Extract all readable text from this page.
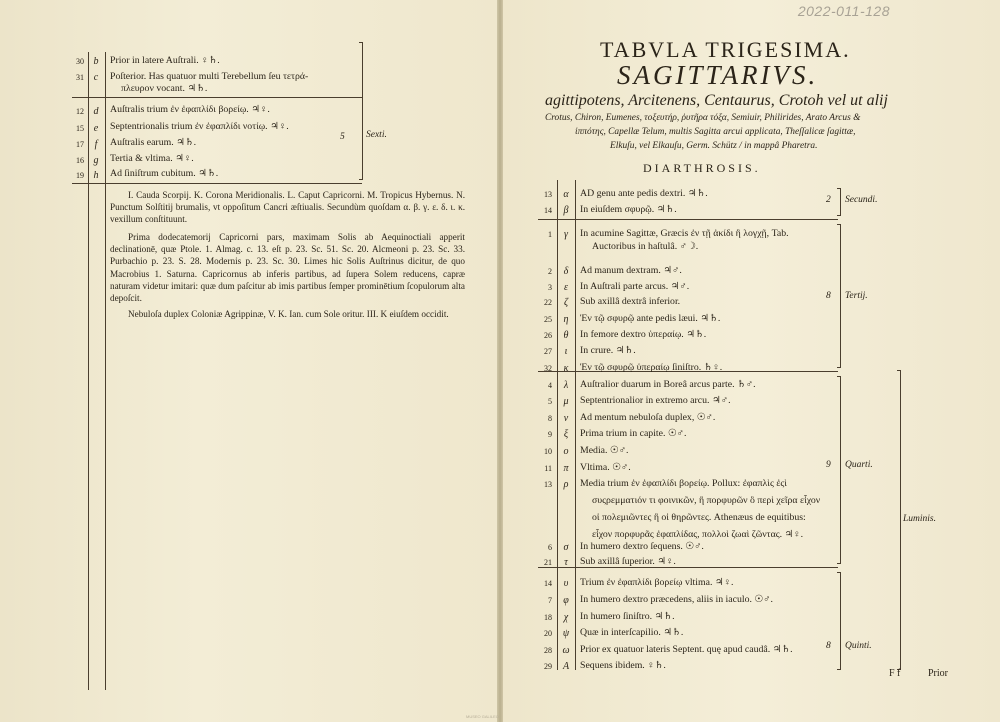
2022-011-128
30 b	Prior in latere Auſtrali. ♀♄.
31 c	Poſterior. Has quatuor multi Terebellum ſeu τετρά-
πλευρον vocant. ♃♄.
12 d	Auſtralis trium ἐν ἐφαπλίδι βορείῳ. ♃♀.
15 e	Septentrionalis trium ἐν ἐφαπλίδι νοτίῳ. ♃♀.
17	f	Auſtralis earum. ♃♄.
16 g	Tertia & vltima. ♃♀.
19 h	Ad ſiniſtrum cubitum. ♃♄.
5 Sexti.
I. Cauda Scorpij. K. Corona Meridionalis. L. Caput Capricorni. M. Tropicus Hybernus. N. Punctum Solſtitij brumalis, vt oppoſitum Cancri æſtiualis. Secundùm quoſdam α. β. γ. ε. δ. ι. κ. vexillum conſtituunt.
Prima dodecatemorij Capricorni pars, maximam Solis ab Aequinoctiali apperit declinationē, quæ Ptole. 1. Almag. c. 13. eſt p. 23. Sc. 51. Sc. 20. Alcmeoni p. 23. Sc. 33. Purbachio p. 23. S. 28. Modernis p. 23. Sc. 30. Limes hic Solis Auſtrinus dicitur, de quo Macrobius 1. Saturna. Capricornus ab inferis partibus, ad ſupera Solem reducens, capræ naturam videtur imitari: quæ dum paſcitur ab imis partibus ſemper prominētium ſcopulorum alta depoſcit.
Nebuloſa duplex Coloniæ Agrippinæ, V. K. Ian. cum Sole oritur. III. K eiuſdem occidit.
TABVLA TRIGESIMA.
SAGITTARIVS.
agittipotens, Arcitenens, Centaurus, Crotoh vel ut alij
Crotus, Chiron, Eumenes, τοξευτήρ, ῥυτῆρα τόξα, Semiuir, Philirides, Arato Arcus &
ἱππότης, Capellæ Telum, multis Sagitta arcui applicata, Theſſalicæ ſagittæ,
Elkuſu, vel Elkauſu, Germ. Schütz / in mappâ Pharetra.
DIARTHROSIS.
13	α	AD genu ante pedis dextri. ♃♄.
14	β	In eiuſdem σφυρῷ. ♃♄.
1	γ	In acumine Sagittæ, Græcis ἐν τῇ ἀκίδι ἢ λογχῇ, Tab.
Auctoribus in haſtulâ. ♂☽.
2	δ	Ad manum dextram. ♃♂.
3	ε	In Auſtrali parte arcus. ♃♂.
22	ζ	Sub axillâ dextrâ inferior.
25	η	Ἐν τῷ σφυρῷ ante pedis læui. ♃♄.
26	θ	In femore dextro ὑπεραίῳ. ♃♄.
27	ι	In crure. ♃♄.
32	κ	Ἐν τῷ σφυρῷ ὑπεραίῳ ſiniſtro. ♄♀.
4	λ	Auſtralior duarum in Boreâ arcus parte. ♄♂.
5	μ	Septentrionalior in extremo arcu. ♃♂.
8	ν	Ad mentum nebuloſa duplex, ☉♂.
9	ξ	Prima trium in capite. ☉♂.
10	ο	Media. ☉♂.
11	π	Vltima. ☉♂.
13	ρ	Media trium ἐν ἐφαπλίδι βορείῳ. Pollux: ἐφαπλὶς ἐςὶ
συςρεμματιόν τι φοινικῶν, ἢ πορφυρῶν ὃ περὶ χεῖρα εἶχον
οἱ πολεμιῶντες ἢ οἱ θηρῶντες. Athenæus de equitibus:
εἶχον πορφυρᾶς ἐφαπλίδας, πολλοὶ ζωαὶ ζῶντας. ♃♀.
6	σ	In humero dextro ſequens. ☉♂.
21	τ	Sub axillâ ſuperior. ♃♀.
14	υ	Trium ἐν ἐφαπλίδι βορείῳ vltima. ♃♀.
7	φ	In humero dextro præcedens, aliis in iaculo. ☉♂.
18	χ	In humero ſiniſtro. ♃♄.
20	ψ	Quæ in interſcapilio. ♃♄.
28	ω	Prior ex quatuor lateris Septent. quę apud caudâ. ♃♄.
29	A	Sequens ibidem. ♀♄.
2 Secundi.
8 Tertij.
9 Quarti.
Luminis.
8 Quinti.
F f	Prior
MUSEO GALILEO
